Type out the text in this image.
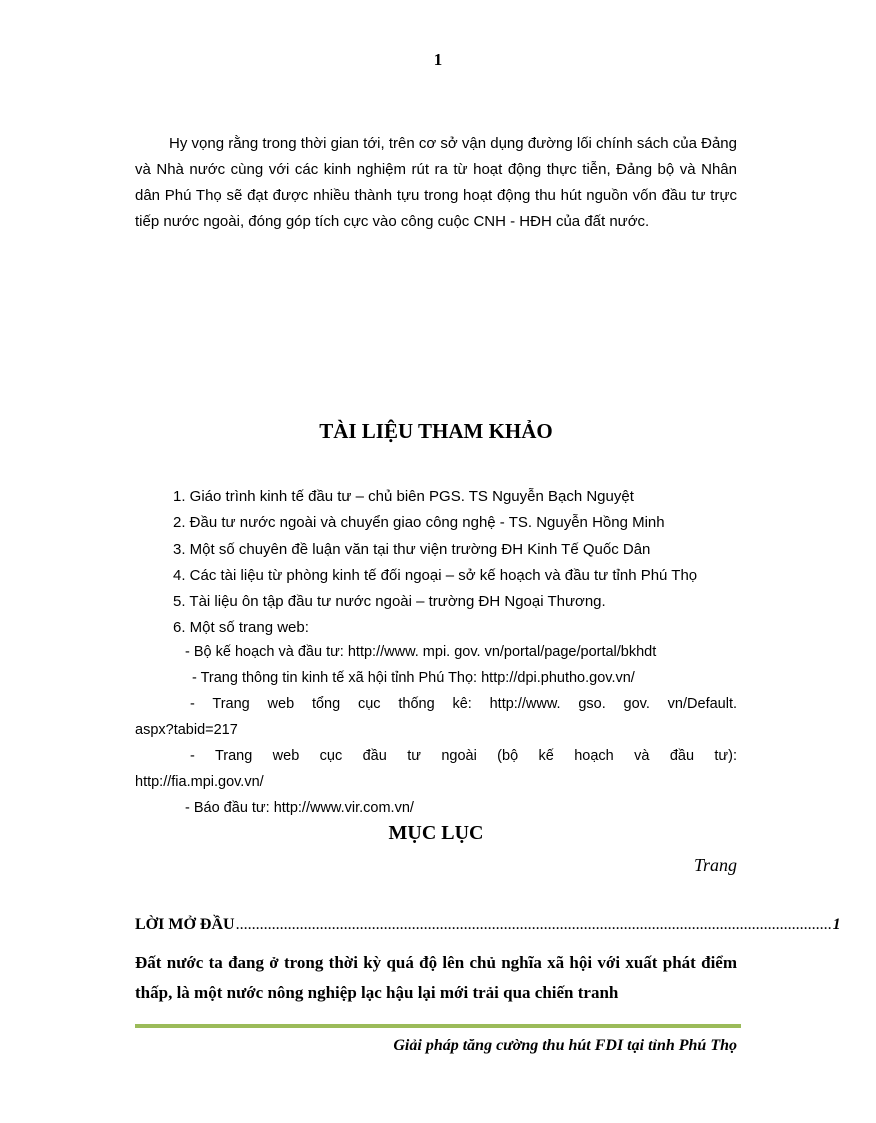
1

Hy vọng rằng trong thời gian tới, trên cơ sở vận dụng đường lối chính sách của Đảng và Nhà nước cùng với các kinh nghiệm rút ra từ hoạt động thực tiễn, Đảng bộ và Nhân dân Phú Thọ sẽ đạt được nhiều thành tựu trong hoạt động thu hút nguồn vốn đầu tư trực tiếp nước ngoài, đóng góp tích cực vào công cuộc CNH - HĐH của đất nước.

TÀI LIỆU THAM KHẢO
1. Giáo trình kinh tế đầu tư – chủ biên PGS. TS Nguyễn Bạch Nguyệt
2. Đầu tư nước ngoài và chuyển giao công nghệ - TS. Nguyễn Hồng Minh
3. Một số chuyên đề luận văn tại thư viện trường ĐH Kinh Tế Quốc Dân
4. Các tài liệu từ phòng kinh tế đối ngoại – sở kế hoạch và đầu tư tỉnh Phú Thọ
5. Tài liệu ôn tập đầu tư nước ngoài – trường ĐH Ngoại Thương.
6. Một số trang web:
- Bộ kế hoạch và đầu tư: http://www. mpi. gov. vn/portal/page/portal/bkhdt
- Trang thông tin kinh tế xã hội tỉnh Phú Thọ: http://dpi.phutho.gov.vn/
- Trang web tổng cục thống kê: http://www. gso. gov. vn/Default.
aspx?tabid=217
- Trang web cục đầu tư ngoài (bộ kế hoạch và đầu tư):
http://fia.mpi.gov.vn/
- Báo đầu tư: http://www.vir.com.vn/
MỤC LỤC
Trang
LỜI MỞ ĐẦU ..................................................................................................................................................... 1

Đất nước ta đang ở trong thời kỳ quá độ lên chủ nghĩa xã hội với xuất phát điểm thấp, là một nước nông nghiệp lạc hậu lại mới trải qua chiến tranh

Giải pháp tăng cường thu hút FDI tại tỉnh Phú Thọ
